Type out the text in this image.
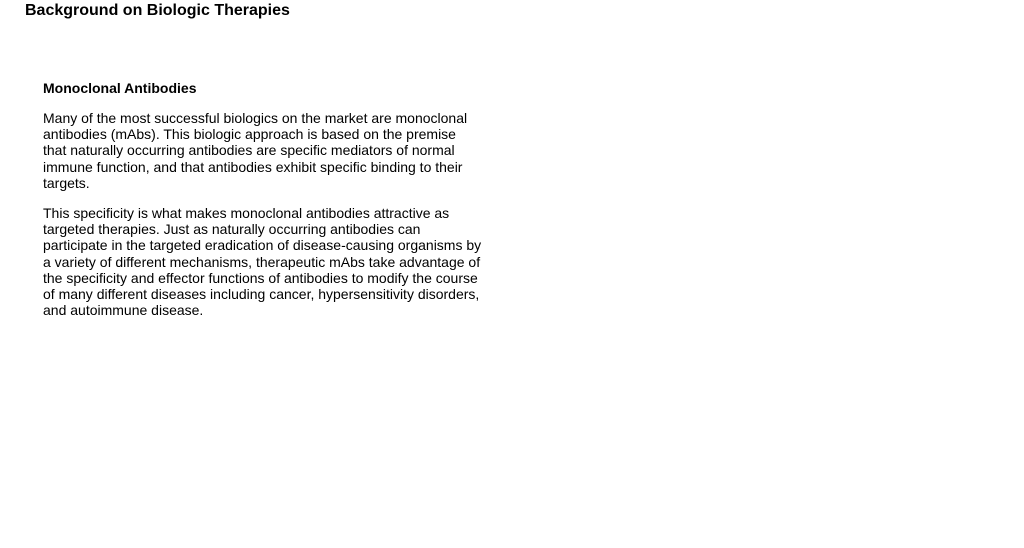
Background on Biologic Therapies
Monoclonal Antibodies

Many of the most successful biologics on the market are monoclonal antibodies (mAbs). This biologic approach is based on the premise that naturally occurring antibodies are specific mediators of normal immune function, and that antibodies exhibit specific binding to their targets.

This specificity is what makes monoclonal antibodies attractive as targeted therapies. Just as naturally occurring antibodies can participate in the targeted eradication of disease-causing organisms by a variety of different mechanisms, therapeutic mAbs take advantage of the specificity and effector functions of antibodies to modify the course of many different diseases including cancer, hypersensitivity disorders, and autoimmune disease.
